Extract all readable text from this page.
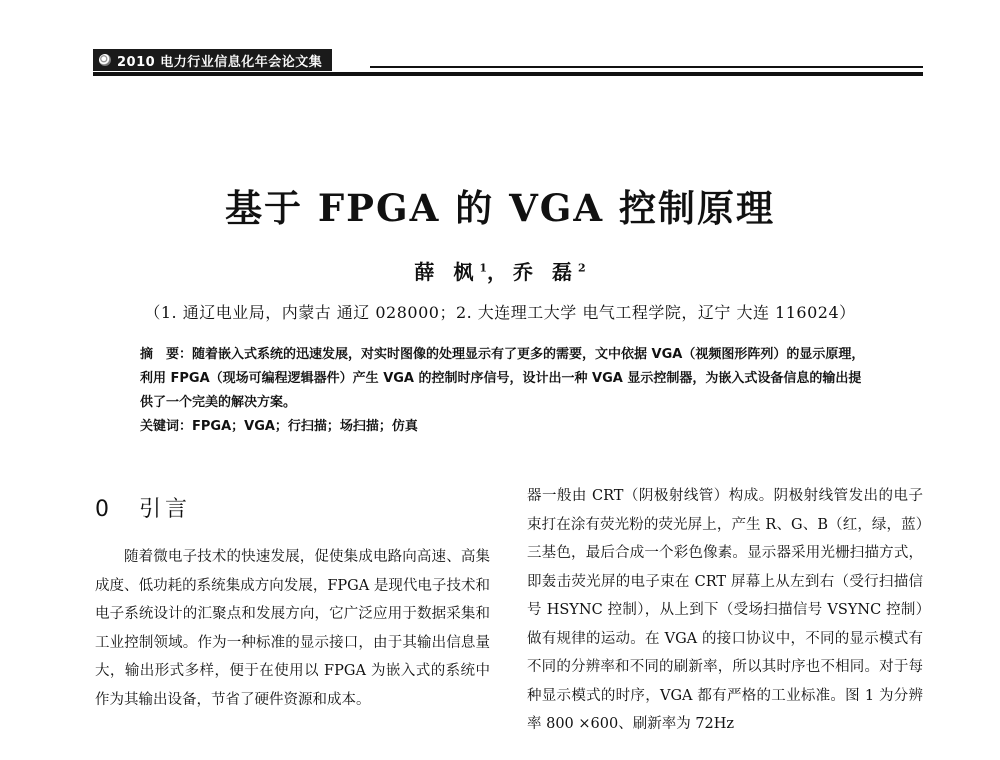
2010 电力行业信息化年会论文集
基于 FPGA 的 VGA 控制原理
薛 枫$^1$，乔 磊$^2$
（1. 通辽电业局，内蒙古 通辽 028000；2. 大连理工大学 电气工程学院，辽宁 大连 116024）

摘　要：随着嵌入式系统的迅速发展，对实时图像的处理显示有了更多的需要，文中依据 VGA（视频图形阵列）的显示原理，利用 FPGA（现场可编程逻辑器件）产生 VGA 的控制时序信号，设计出一种 VGA 显示控制器，为嵌入式设备信息的输出提供了一个完美的解决方案。

关键词：FPGA；VGA；行扫描；场扫描；仿真

0　引言

随着微电子技术的快速发展，促使集成电路向高速、高集成度、低功耗的系统集成方向发展，FPGA 是现代电子技术和电子系统设计的汇聚点和发展方向，它广泛应用于数据采集和工业控制领域。作为一种标准的显示接口，由于其输出信息量大，输出形式多样，便于在使用以 FPGA 为嵌入式的系统中作为其输出设备，节省了硬件资源和成本。

器一般由 CRT（阴极射线管）构成。阴极射线管发出的电子束打在涂有荧光粉的荧光屏上，产生 R、G、B（红，绿，蓝）三基色，最后合成一个彩色像素。显示器采用光栅扫描方式，即轰击荧光屏的电子束在 CRT 屏幕上从左到右（受行扫描信号 HSYNC 控制），从上到下（受场扫描信号 VSYNC 控制）做有规律的运动。在 VGA 的接口协议中，不同的显示模式有不同的分辨率和不同的刷新率，所以其时序也不相同。对于每种显示模式的时序，VGA 都有严格的工业标准。图 1 为分辨率 800 ×600、刷新率为 72Hz
